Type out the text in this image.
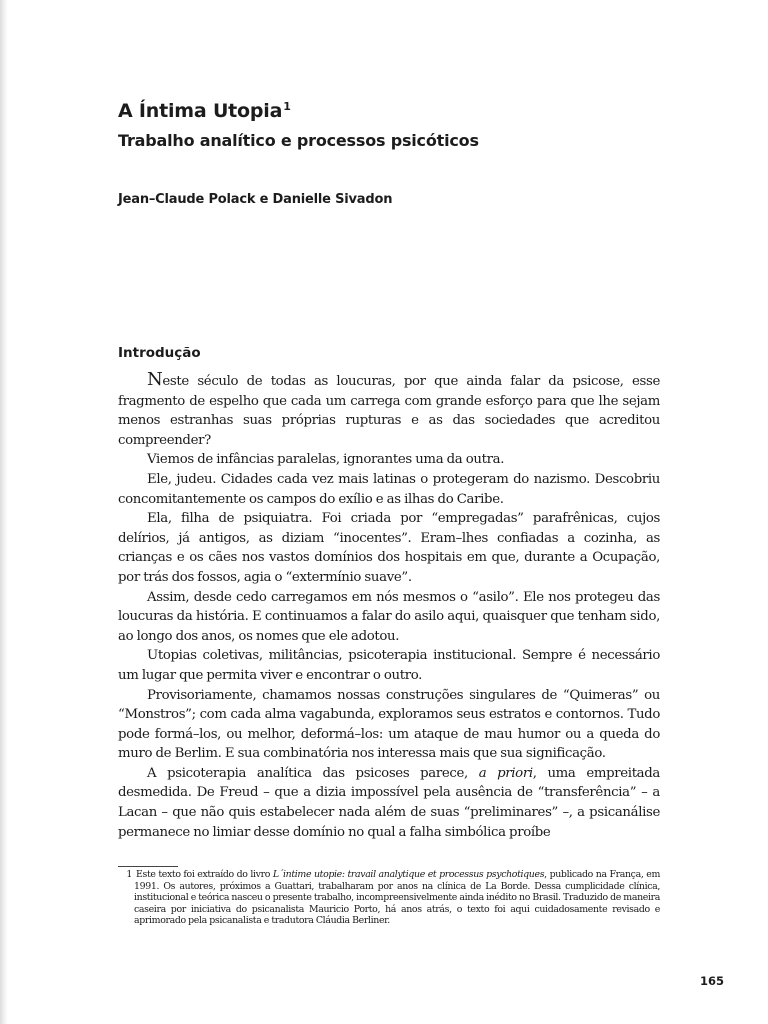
A Íntima Utopia$^1$
Trabalho analítico e processos psicóticos
Jean–Claude Polack e Danielle Sivadon
Introdução

Neste século de todas as loucuras, por que ainda falar da psicose, esse fragmento de espelho que cada um carrega com grande esforço para que lhe sejam menos estranhas suas próprias rupturas e as das sociedades que acreditou compreender?

Viemos de infâncias paralelas, ignorantes uma da outra.

Ele, judeu. Cidades cada vez mais latinas o protegeram do nazismo. Descobriu concomitantemente os campos do exílio e as ilhas do Caribe.

Ela, filha de psiquiatra. Foi criada por “empregadas” parafrênicas, cujos delírios, já antigos, as diziam “inocentes”. Eram–lhes confiadas a cozinha, as crianças e os cães nos vastos domínios dos hospitais em que, durante a Ocupação, por trás dos fossos, agia o “extermínio suave”.

Assim, desde cedo carregamos em nós mesmos o “asilo”. Ele nos protegeu das loucuras da história. E continuamos a falar do asilo aqui, quaisquer que tenham sido, ao longo dos anos, os nomes que ele adotou.

Utopias coletivas, militâncias, psicoterapia institucional. Sempre é necessário um lugar que permita viver e encontrar o outro.

Provisoriamente, chamamos nossas construções singulares de “Quimeras” ou “Monstros”; com cada alma vagabunda, exploramos seus estratos e contornos. Tudo pode formá–los, ou melhor, deformá–los: um ataque de mau humor ou a queda do muro de Berlim. E sua combinatória nos interessa mais que sua significação.

A psicoterapia analítica das psicoses parece, a priori, uma empreitada desmedida. De Freud – que a dizia impossível pela ausência de “transferência” – a Lacan – que não quis estabelecer nada além de suas “preliminares” –, a psicanálise permanece no limiar desse domínio no qual a falha simbólica proíbe

1 Este texto foi extraído do livro L´intime utopie: travail analytique et processus psychotiques, publicado na França, em 1991. Os autores, próximos a Guattari, trabalharam por anos na clínica de La Borde. Dessa cumplicidade clínica, institucional e teórica nasceu o presente trabalho, incompreensivelmente ainda inédito no Brasil. Traduzido de maneira caseira por iniciativa do psicanalista Mauricio Porto, há anos atrás, o texto foi aqui cuidadosamente revisado e aprimorado pela psicanalista e tradutora Cláudia Berliner.
165
